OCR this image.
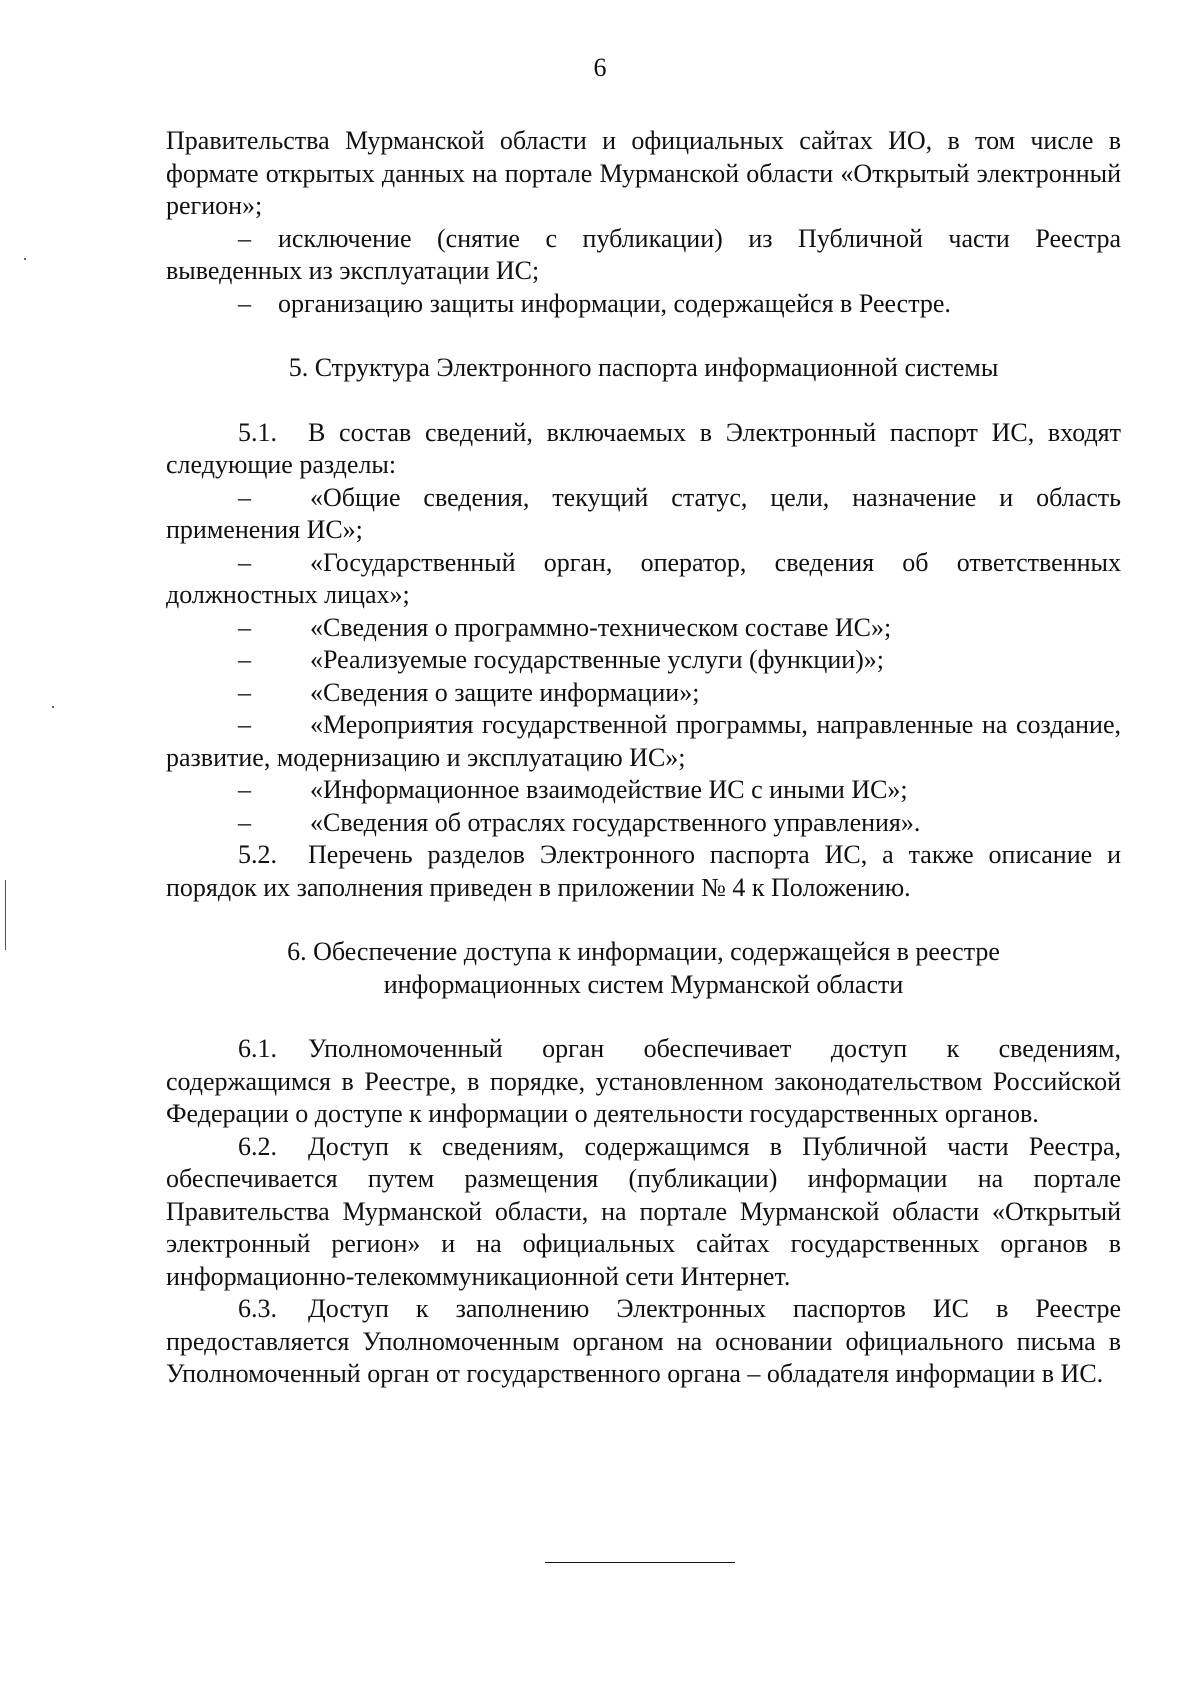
6

Правительства Мурманской области и официальных сайтах ИО, в том числе в формате открытых данных на портале Мурманской области «Открытый электронный регион»;

– исключение (снятие с публикации) из Публичной части Реестра выведенных из эксплуатации ИС;

– организацию защиты информации, содержащейся в Реестре.

5. Структура Электронного паспорта информационной системы

5.1. В состав сведений, включаемых в Электронный паспорт ИС, входят следующие разделы:

– «Общие сведения, текущий статус, цели, назначение и область применения ИС»;

– «Государственный орган, оператор, сведения об ответственных должностных лицах»;

– «Сведения о программно-техническом составе ИС»;

– «Реализуемые государственные услуги (функции)»;

– «Сведения о защите информации»;

– «Мероприятия государственной программы, направленные на создание, развитие, модернизацию и эксплуатацию ИС»;

– «Информационное взаимодействие ИС с иными ИС»;

– «Сведения об отраслях государственного управления».

5.2. Перечень разделов Электронного паспорта ИС, а также описание и порядок их заполнения приведен в приложении № 4 к Положению.

6. Обеспечение доступа к информации, содержащейся в реестре
информационных систем Мурманской области

6.1. Уполномоченный орган обеспечивает доступ к сведениям, содержащимся в Реестре, в порядке, установленном законодательством Российской Федерации о доступе к информации о деятельности государственных органов.

6.2. Доступ к сведениям, содержащимся в Публичной части Реестра, обеспечивается путем размещения (публикации) информации на портале Правительства Мурманской области, на портале Мурманской области «Открытый электронный регион» и на официальных сайтах государственных органов в информационно-телекоммуникационной сети Интернет.

6.3. Доступ к заполнению Электронных паспортов ИС в Реестре предоставляется Уполномоченным органом на основании официального письма в Уполномоченный орган от государственного органа – обладателя информации в ИС.
